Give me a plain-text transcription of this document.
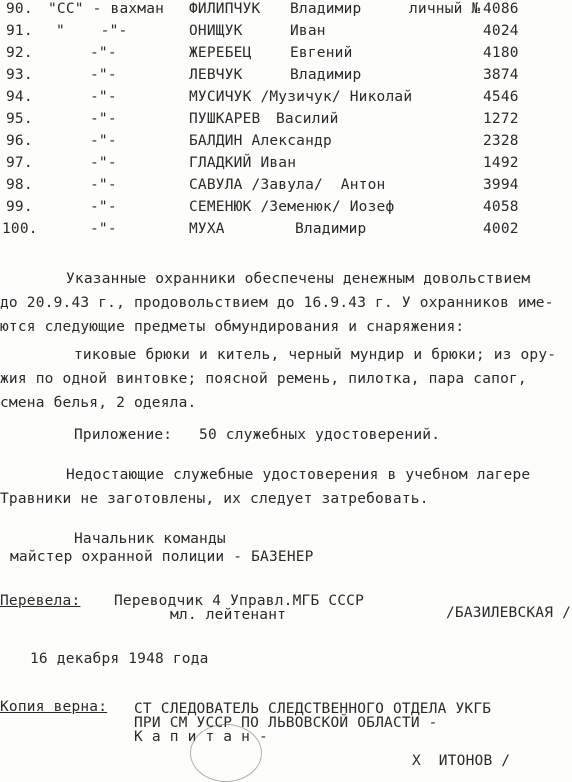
90. "СС" - вахман ФИЛИПЧУК Владимир	личный № 4086
91. "    -"-	ОНИЩУК	Иван	4024
92.	-"-	ЖЕРЕБЕЦ	Евгений	4180
93.	-"-	ЛЕВЧУК	Владимир	3874
94.	-"-	МУСИЧУК /Музичук/ Николай	4546
95.	-"-	ПУШКАРЕВ Василий	1272
96.	-"-	БАЛДИН Александр	2328
97.	-"-	ГЛАДКИЙ Иван	1492
98.	-"-	САВУЛА /Завула/  Антон	3994
99.	-"-	СЕМЕНЮК /Земенюк/ Иозеф	4058
100.	-"-	МУХА	Владимир	4002
Указанные охранники обеспечены денежным довольствием
до 20.9.43 г., продовольствием до 16.9.43 г. У охранников име-
ются следующие предметы обмундирования и снаряжения:
тиковые брюки и китель, черный мундир и брюки; из ору-
жия по одной винтовке; поясной ремень, пилотка, пара сапог,
смена белья, 2 одеяла.
Приложение:   50 служебных удостоверений.
Недостающие служебные удостоверения в учебном лагере
Травники не заготовлены, их следует затребовать.
Начальник команды
майстер охранной полиции - БАЗЕНЕР
Перевела: Переводчик 4 Управл.МГБ СССР
мл. лейтенант	/БАЗИЛЕВСКАЯ /
16 декабря 1948 года
Копия верна: СТ СЛЕДОВАТЕЛЬ СЛЕДСТВЕННОГО ОТДЕЛА УКГБ
ПРИ СМ УССР ПО ЛЬВОВСКОЙ ОБЛАСТИ -
К а п и т а н -
Х  ИТОНОВ /
